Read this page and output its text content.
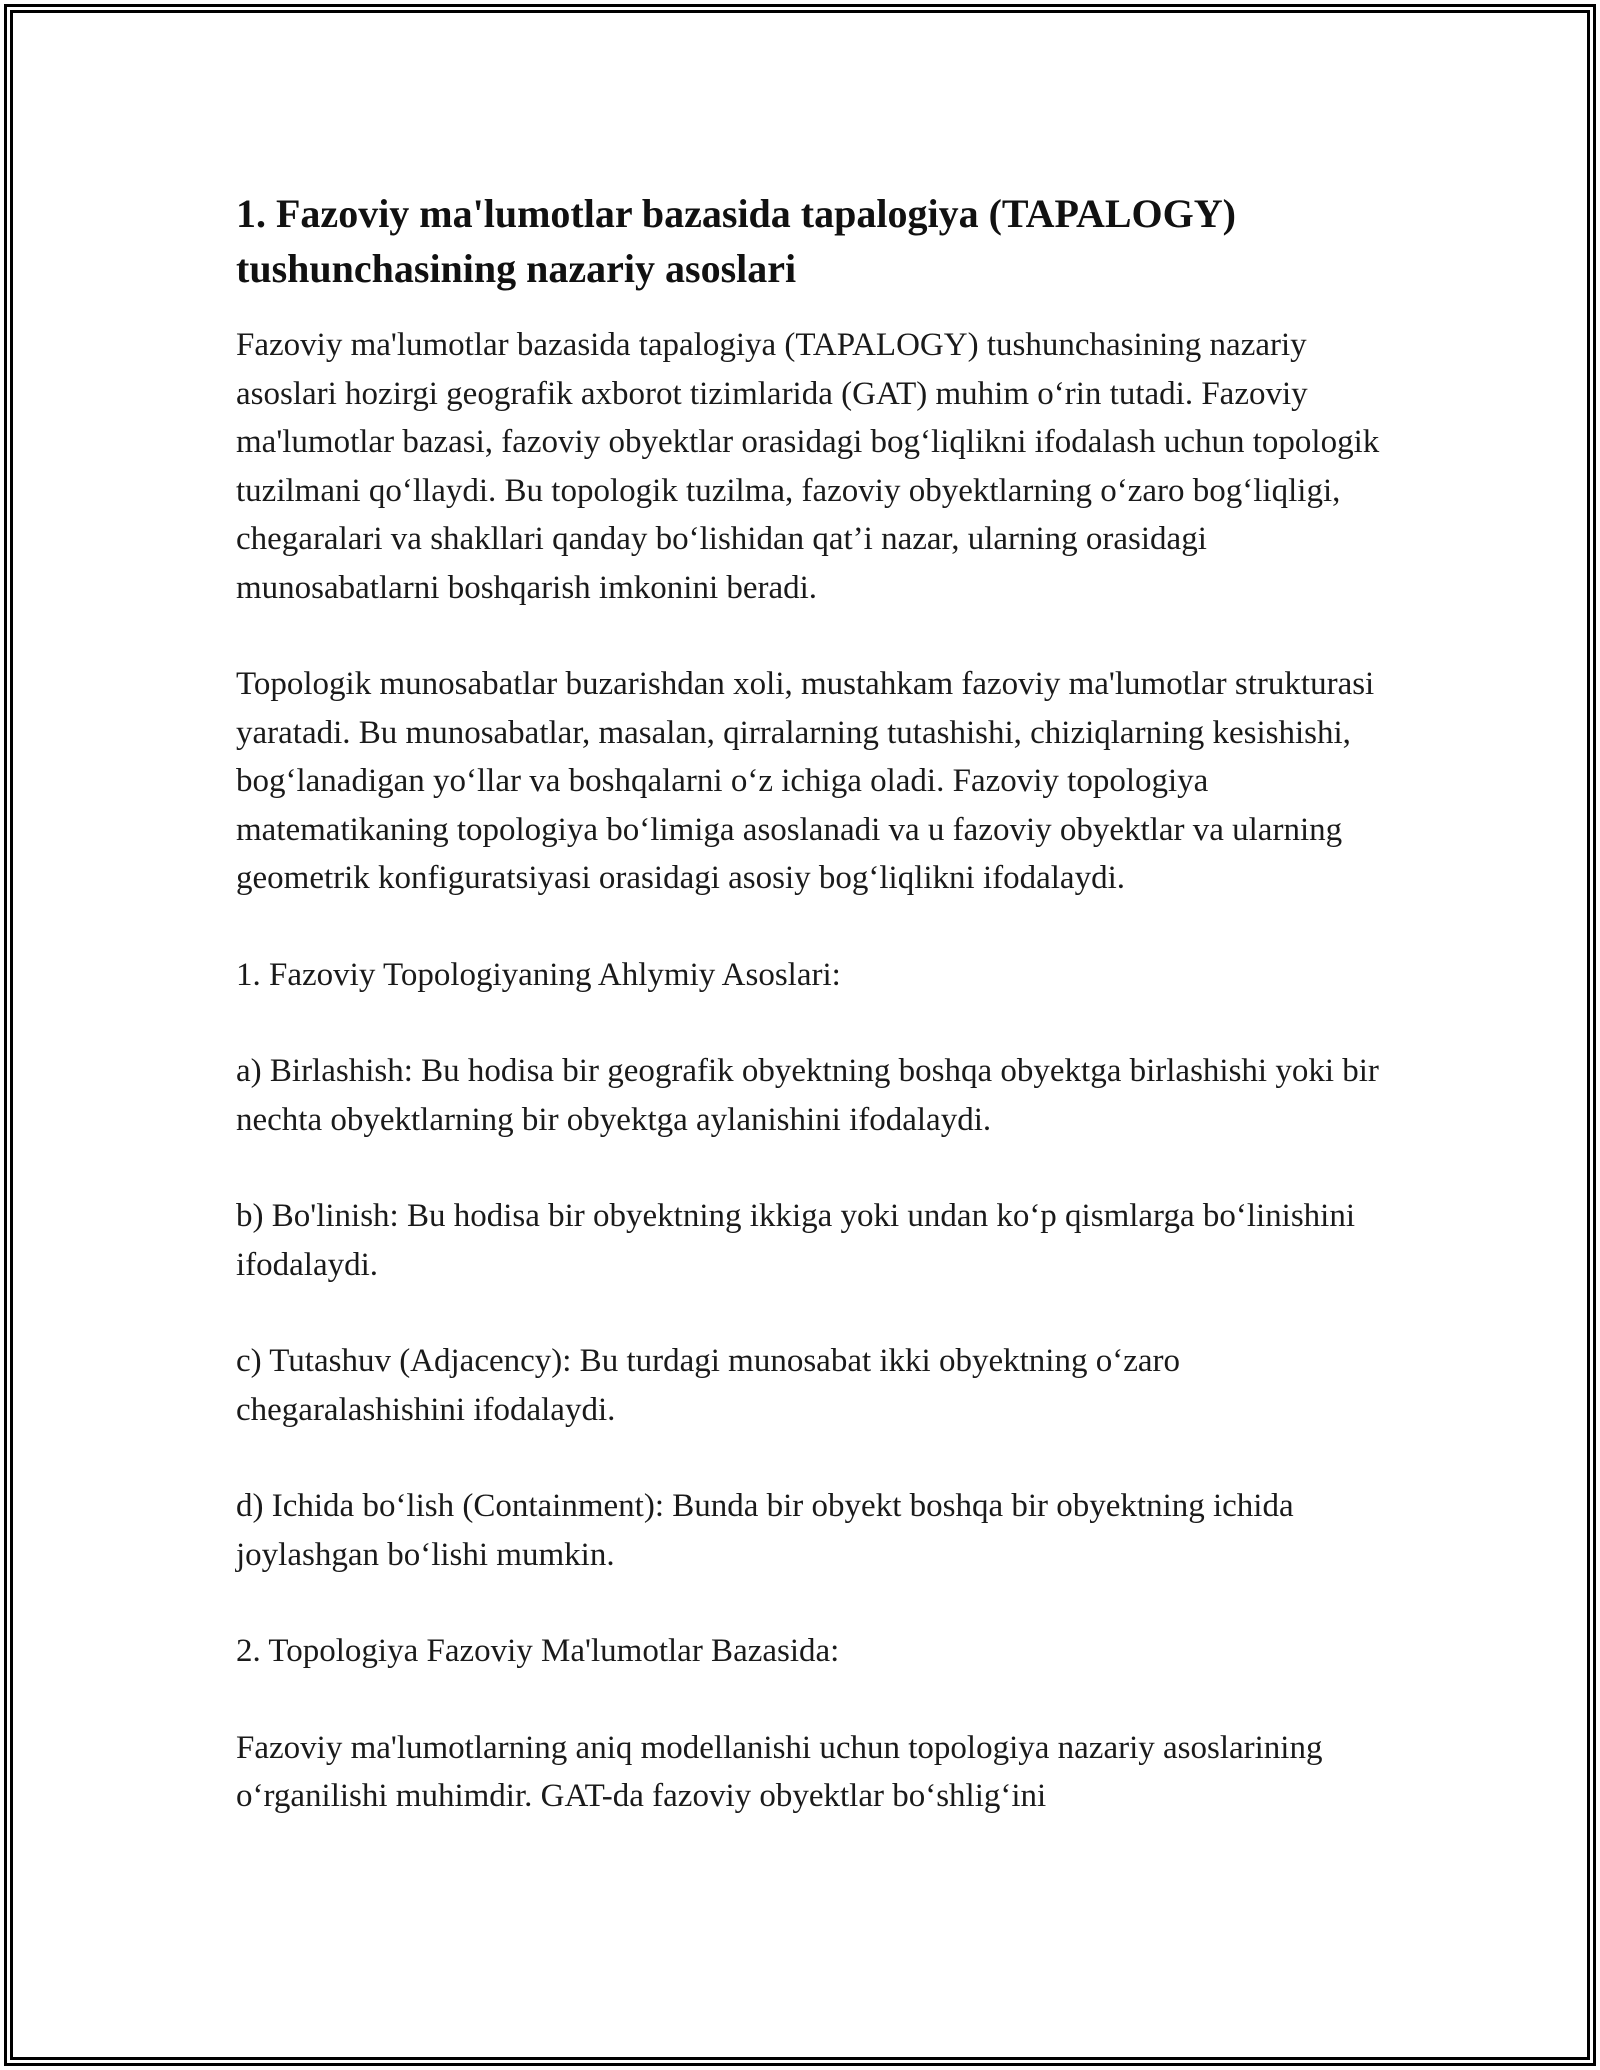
1. Fazoviy ma'lumotlar bazasida tapalogiya (TAPALOGY) tushunchasining nazariy asoslari

Fazoviy ma'lumotlar bazasida tapalogiya (TAPALOGY) tushunchasining nazariy asoslari hozirgi geografik axborot tizimlarida (GAT) muhim o‘rin tutadi. Fazoviy ma'lumotlar bazasi, fazoviy obyektlar orasidagi bog‘liqlikni ifodalash uchun topologik tuzilmani qo‘llaydi. Bu topologik tuzilma, fazoviy obyektlarning o‘zaro bog‘liqligi, chegaralari va shakllari qanday bo‘lishidan qat’i nazar, ularning orasidagi munosabatlarni boshqarish imkonini beradi.

Topologik munosabatlar buzarishdan xoli, mustahkam fazoviy ma'lumotlar strukturasi yaratadi. Bu munosabatlar, masalan, qirralarning tutashishi, chiziqlarning kesishishi, bog‘lanadigan yo‘llar va boshqalarni o‘z ichiga oladi. Fazoviy topologiya matematikaning topologiya bo‘limiga asoslanadi va u fazoviy obyektlar va ularning geometrik konfiguratsiyasi orasidagi asosiy bog‘liqlikni ifodalaydi.

1. Fazoviy Topologiyaning Ahlymiy Asoslari:

a) Birlashish: Bu hodisa bir geografik obyektning boshqa obyektga birlashishi yoki bir nechta obyektlarning bir obyektga aylanishini ifodalaydi.

b) Bo'linish: Bu hodisa bir obyektning ikkiga yoki undan ko‘p qismlarga bo‘linishini ifodalaydi.

c) Tutashuv (Adjacency): Bu turdagi munosabat ikki obyektning o‘zaro chegaralashishini ifodalaydi.

d) Ichida bo‘lish (Containment): Bunda bir obyekt boshqa bir obyektning ichida joylashgan bo‘lishi mumkin.

2. Topologiya Fazoviy Ma'lumotlar Bazasida:

Fazoviy ma'lumotlarning aniq modellanishi uchun topologiya nazariy asoslarining o‘rganilishi muhimdir. GAT-da fazoviy obyektlar bo‘shlig‘ini
